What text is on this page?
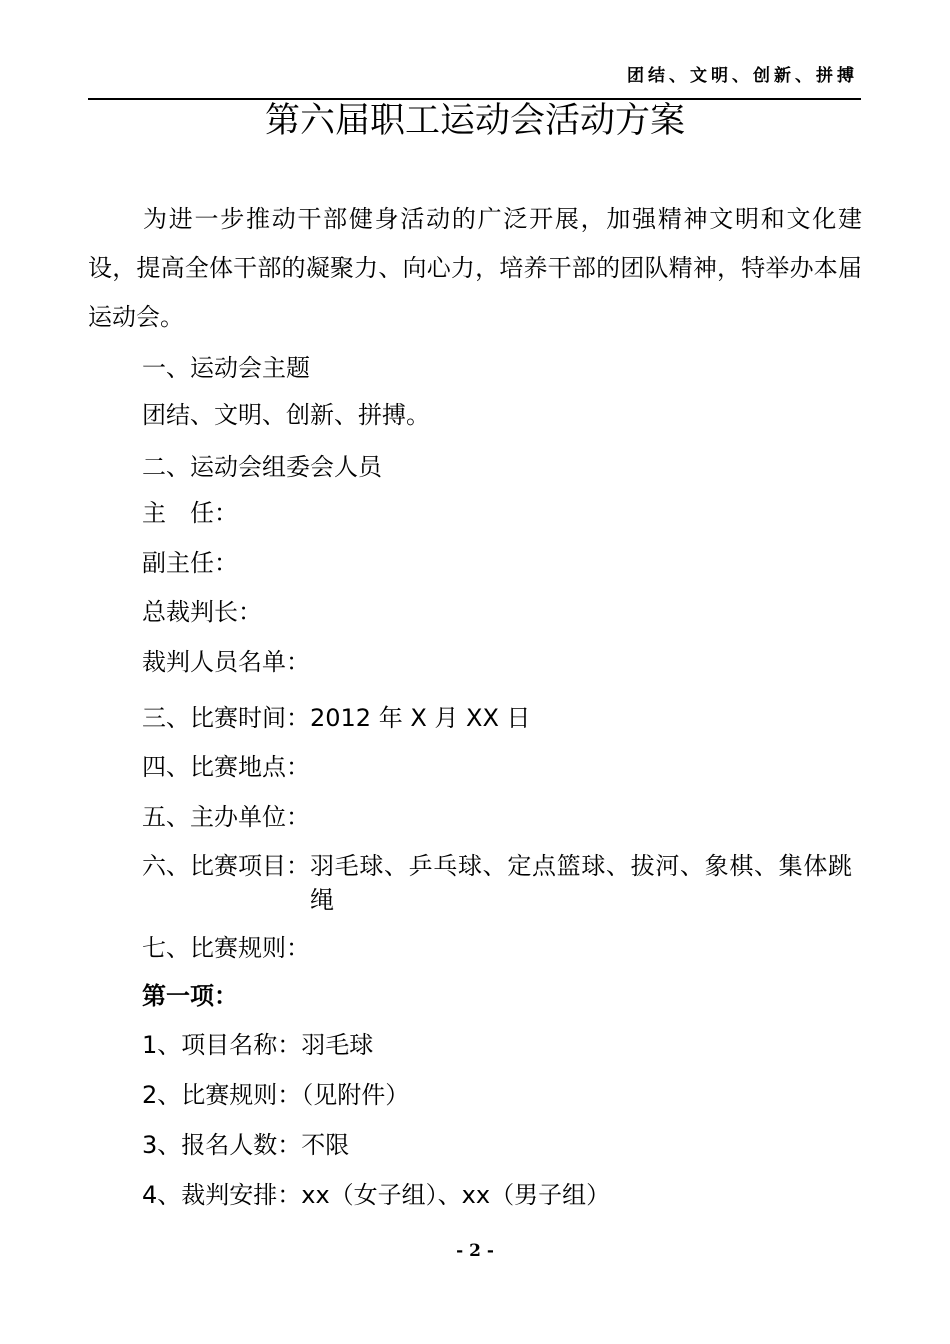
团结、文明、创新、拼搏
第六届职工运动会活动方案
为进一步推动干部健身活动的广泛开展，加强精神文明和文化建设，提高全体干部的凝聚力、向心力，培养干部的团队精神，特举办本届运动会。
一、运动会主题
团结、文明、创新、拼搏。
二、运动会组委会人员
主　任：
副主任：
总裁判长：
裁判人员名单：
三、比赛时间：2012 年 X 月 XX 日
四、比赛地点：
五、主办单位：
六、比赛项目：羽毛球、乒乓球、定点篮球、拔河、象棋、集体跳绳
七、比赛规则：
第一项：
1、项目名称：羽毛球
2、比赛规则：（见附件）
3、报名人数：不限
4、裁判安排：xx（女子组）、xx（男子组）
- 2 -
